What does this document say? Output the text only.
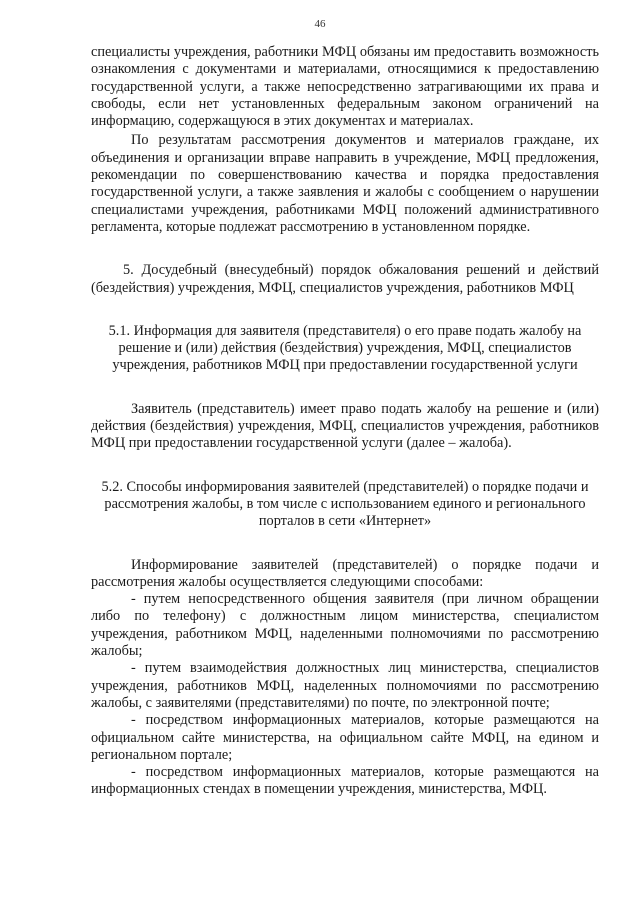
46

специалисты учреждения, работники МФЦ обязаны им предоставить возможность ознакомления с документами и материалами, относящимися к предоставлению государственной услуги, а также непосредственно затрагивающими их права и свободы, если нет установленных федеральным законом ограничений на информацию, содержащуюся в этих документах и материалах.

По результатам рассмотрения документов и материалов граждане, их объединения и организации вправе направить в учреждение, МФЦ предложения, рекомендации по совершенствованию качества и порядка предоставления государственной услуги, а также заявления и жалобы с сообщением о нарушении специалистами учреждения, работниками МФЦ положений административного регламента, которые подлежат рассмотрению в установленном порядке.

5. Досудебный (внесудебный) порядок обжалования решений и действий (бездействия) учреждения, МФЦ, специалистов учреждения, работников МФЦ

5.1. Информация для заявителя (представителя) о его праве подать жалобу на решение и (или) действия (бездействия) учреждения, МФЦ, специалистов учреждения, работников МФЦ при предоставлении государственной услуги

Заявитель (представитель) имеет право подать жалобу на решение и (или) действия (бездействия) учреждения, МФЦ, специалистов учреждения, работников МФЦ при предоставлении государственной услуги (далее – жалоба).

5.2. Способы информирования заявителей (представителей) о порядке подачи и рассмотрения жалобы, в том числе с использованием единого и регионального порталов в сети «Интернет»

Информирование заявителей (представителей) о порядке подачи и рассмотрения жалобы осуществляется следующими способами:

- путем непосредственного общения заявителя (при личном обращении либо по телефону) с должностным лицом министерства, специалистом учреждения, работником МФЦ, наделенными полномочиями по рассмотрению жалобы;

- путем взаимодействия должностных лиц министерства, специалистов учреждения, работников МФЦ, наделенных полномочиями по рассмотрению жалобы, с заявителями (представителями) по почте, по электронной почте;

- посредством информационных материалов, которые размещаются на официальном сайте министерства, на официальном сайте МФЦ, на едином и региональном портале;

- посредством информационных материалов, которые размещаются на информационных стендах в помещении учреждения, министерства, МФЦ.
